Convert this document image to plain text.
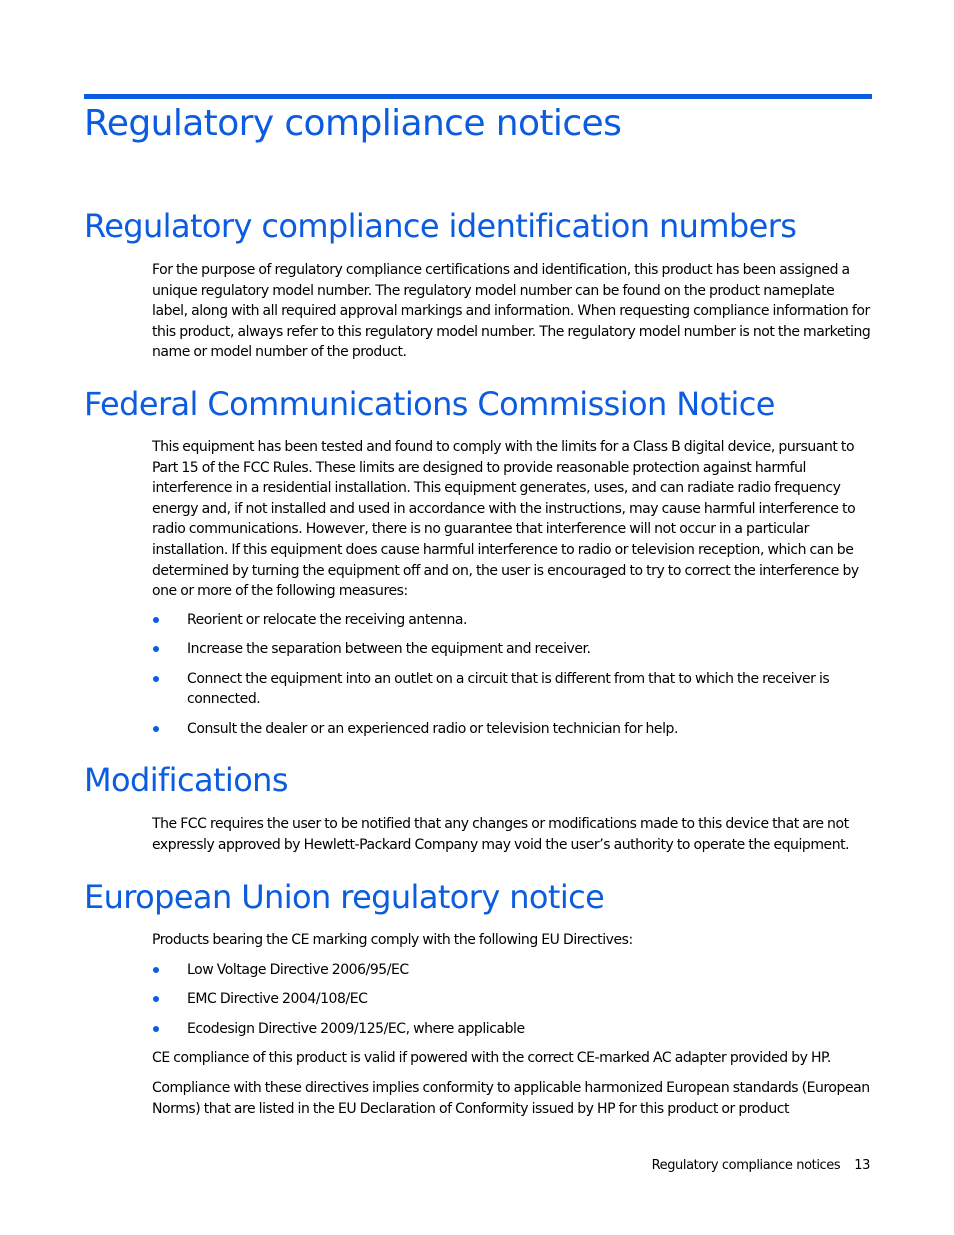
Regulatory compliance notices
Regulatory compliance identification numbers

For the purpose of regulatory compliance certifications and identification, this product has been assigned a unique regulatory model number. The regulatory model number can be found on the product nameplate label, along with all required approval markings and information. When requesting compliance information for this product, always refer to this regulatory model number. The regulatory model number is not the marketing name or model number of the product.

Federal Communications Commission Notice

This equipment has been tested and found to comply with the limits for a Class B digital device, pursuant to Part 15 of the FCC Rules. These limits are designed to provide reasonable protection against harmful interference in a residential installation. This equipment generates, uses, and can radiate radio frequency energy and, if not installed and used in accordance with the instructions, may cause harmful interference to radio communications. However, there is no guarantee that interference will not occur in a particular installation. If this equipment does cause harmful interference to radio or television reception, which can be determined by turning the equipment off and on, the user is encouraged to try to correct the interference by one or more of the following measures:

Reorient or relocate the receiving antenna.
Increase the separation between the equipment and receiver.
Connect the equipment into an outlet on a circuit that is different from that to which the receiver is connected.
Consult the dealer or an experienced radio or television technician for help.
Modifications

The FCC requires the user to be notified that any changes or modifications made to this device that are not expressly approved by Hewlett-Packard Company may void the user’s authority to operate the equipment.

European Union regulatory notice

Products bearing the CE marking comply with the following EU Directives:

Low Voltage Directive 2006/95/EC
EMC Directive 2004/108/EC
Ecodesign Directive 2009/125/EC, where applicable

CE compliance of this product is valid if powered with the correct CE-marked AC adapter provided by HP.

Compliance with these directives implies conformity to applicable harmonized European standards (European Norms) that are listed in the EU Declaration of Conformity issued by HP for this product or product

Regulatory compliance notices 13
